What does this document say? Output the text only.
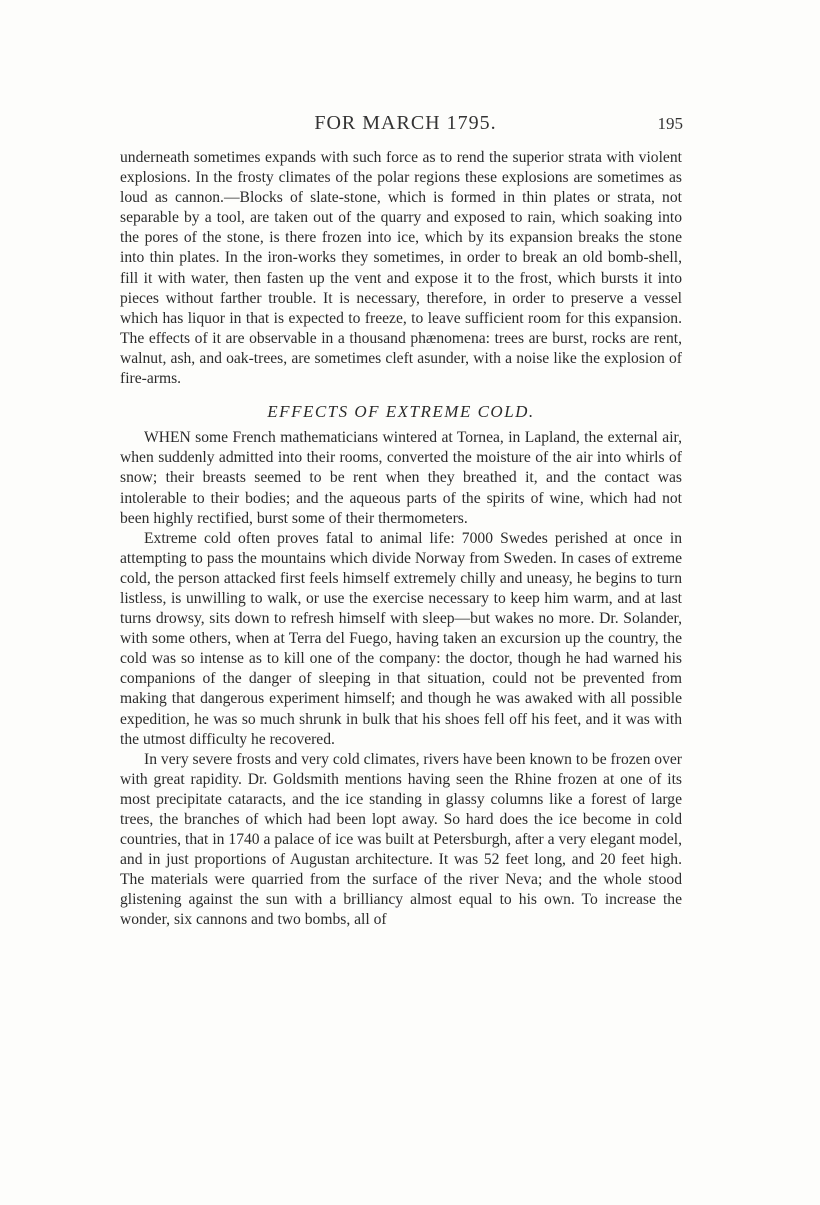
FOR MARCH 1795.	195

underneath sometimes expands with such force as to rend the superior strata with violent explosions. In the frosty climates of the polar regions these explosions are sometimes as loud as cannon.—Blocks of slate-stone, which is formed in thin plates or strata, not separable by a tool, are taken out of the quarry and exposed to rain, which soaking into the pores of the stone, is there frozen into ice, which by its expansion breaks the stone into thin plates. In the iron-works they sometimes, in order to break an old bomb-shell, fill it with water, then fasten up the vent and expose it to the frost, which bursts it into pieces without farther trouble. It is necessary, therefore, in order to preserve a vessel which has liquor in that is expected to freeze, to leave sufficient room for this expansion. The effects of it are observable in a thousand phænomena: trees are burst, rocks are rent, walnut, ash, and oak-trees, are sometimes cleft asunder, with a noise like the explosion of fire-arms.

EFFECTS OF EXTREME COLD.

WHEN some French mathematicians wintered at Tornea, in Lapland, the external air, when suddenly admitted into their rooms, converted the moisture of the air into whirls of snow; their breasts seemed to be rent when they breathed it, and the contact was intolerable to their bodies; and the aqueous parts of the spirits of wine, which had not been highly rectified, burst some of their thermometers.

Extreme cold often proves fatal to animal life: 7000 Swedes perished at once in attempting to pass the mountains which divide Norway from Sweden. In cases of extreme cold, the person attacked first feels himself extremely chilly and uneasy, he begins to turn listless, is unwilling to walk, or use the exercise necessary to keep him warm, and at last turns drowsy, sits down to refresh himself with sleep—but wakes no more. Dr. Solander, with some others, when at Terra del Fuego, having taken an excursion up the country, the cold was so intense as to kill one of the company: the doctor, though he had warned his companions of the danger of sleeping in that situation, could not be prevented from making that dangerous experiment himself; and though he was awaked with all possible expedition, he was so much shrunk in bulk that his shoes fell off his feet, and it was with the utmost difficulty he recovered.

In very severe frosts and very cold climates, rivers have been known to be frozen over with great rapidity. Dr. Goldsmith mentions having seen the Rhine frozen at one of its most precipitate cataracts, and the ice standing in glassy columns like a forest of large trees, the branches of which had been lopt away. So hard does the ice become in cold countries, that in 1740 a palace of ice was built at Petersburgh, after a very elegant model, and in just proportions of Augustan architecture. It was 52 feet long, and 20 feet high. The materials were quarried from the surface of the river Neva; and the whole stood glistening against the sun with a brilliancy almost equal to his own. To increase the wonder, six cannons and two bombs, all of
